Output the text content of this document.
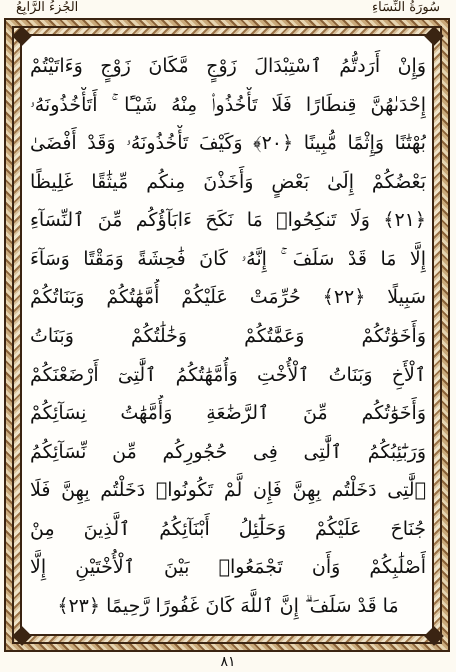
الجُزءُ الرَّابِعُ	سُورَةُ النِّسَاءِ
وَإِنْ أَرَدتُّمُ ٱسْتِبْدَالَ زَوْجٍ مَّكَانَ زَوْجٍ وَءَاتَيْتُمْ
إِحْدَىٰهُنَّ قِنطَارًا فَلَا تَأْخُذُوا۟ مِنْهُ شَيْـًٔا ۚ أَتَأْخُذُونَهُۥ
بُهْتَٰنًا وَإِثْمًا مُّبِينًا ﴿٢٠﴾ وَكَيْفَ تَأْخُذُونَهُۥ وَقَدْ أَفْضَىٰ
بَعْضُكُمْ إِلَىٰ بَعْضٍ وَأَخَذْنَ مِنكُم مِّيثَٰقًا غَلِيظًا
﴿٢١﴾ وَلَا تَنكِحُوا۟ مَا نَكَحَ ءَابَآؤُكُم مِّنَ ٱلنِّسَآءِ
إِلَّا مَا قَدْ سَلَفَ ۚ إِنَّهُۥ كَانَ فَٰحِشَةً وَمَقْتًا وَسَآءَ
سَبِيلًا ﴿٢٢﴾ حُرِّمَتْ عَلَيْكُمْ أُمَّهَٰتُكُمْ وَبَنَاتُكُمْ
وَأَخَوَٰتُكُمْ وَعَمَّٰتُكُمْ وَخَٰلَٰتُكُمْ وَبَنَاتُ
ٱلْأَخِ وَبَنَاتُ ٱلْأُخْتِ وَأُمَّهَٰتُكُمُ ٱلَّٰتِىٓ أَرْضَعْنَكُمْ
وَأَخَوَٰتُكُم مِّنَ ٱلرَّضَٰعَةِ وَأُمَّهَٰتُ نِسَآئِكُمْ
وَرَبَٰٓئِبُكُمُ ٱلَّٰتِى فِى حُجُورِكُم مِّن نِّسَآئِكُمُ
ٱلَّٰتِى دَخَلْتُم بِهِنَّ فَإِن لَّمْ تَكُونُوا۟ دَخَلْتُم بِهِنَّ فَلَا
جُنَاحَ عَلَيْكُمْ وَحَلَٰٓئِلُ أَبْنَآئِكُمُ ٱلَّذِينَ مِنْ
أَصْلَٰبِكُمْ وَأَن تَجْمَعُوا۟ بَيْنَ ٱلْأُخْتَيْنِ إِلَّا
مَا قَدْ سَلَفَ ۗ إِنَّ ٱللَّهَ كَانَ غَفُورًا رَّحِيمًا ﴿٢٣﴾
٨١
